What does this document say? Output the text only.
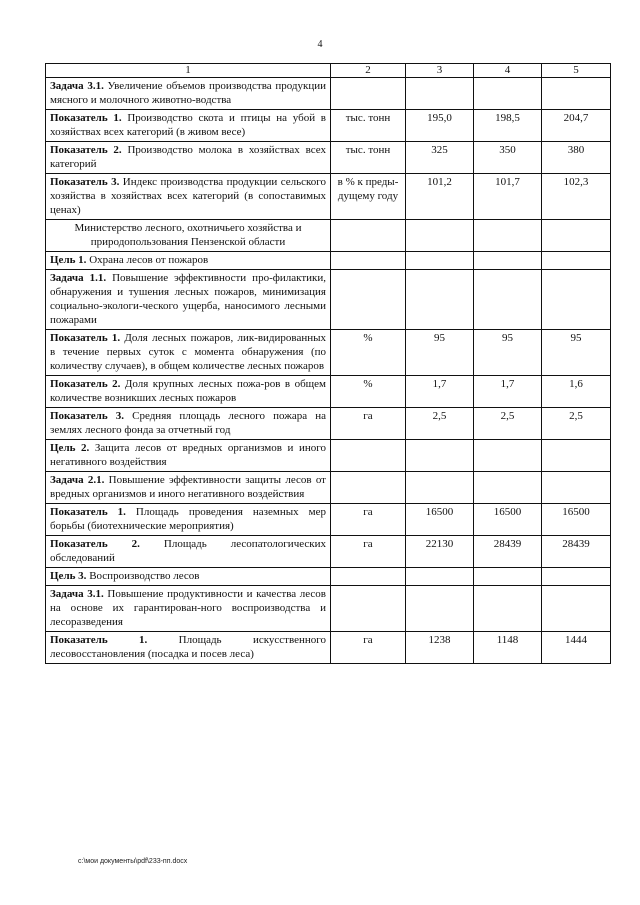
4
1	2	3	4	5
Задача 3.1. Увеличение объемов производства продукции мясного и молочного животно-водства				
Показатель 1. Производство скота и птицы на убой в хозяйствах всех категорий (в живом весе)	тыс. тонн	195,0	198,5	204,7
Показатель 2. Производство молока в хозяйствах всех категорий	тыс. тонн	325	350	380
Показатель 3. Индекс производства продукции сельского хозяйства в хозяйствах всех категорий (в сопоставимых ценах)	в % к преды-дущему году	101,2	101,7	102,3
Министерство лесного, охотничьего хозяйства и природопользования Пензенской области				
Цель 1. Охрана лесов от пожаров				
Задача 1.1. Повышение эффективности про-филактики, обнаружения и тушения лесных пожаров, минимизация социально-экологи-ческого ущерба, наносимого лесными пожарами				
Показатель 1. Доля лесных пожаров, лик-видированных в течение первых суток с момента обнаружения (по количеству случаев), в общем количестве лесных пожаров	%	95	95	95
Показатель 2. Доля крупных лесных пожа-ров в общем количестве возникших лесных пожаров	%	1,7	1,7	1,6
Показатель 3. Средняя площадь лесного пожара на землях лесного фонда за отчетный год	га	2,5	2,5	2,5
Цель 2. Защита лесов от вредных организмов и иного негативного воздействия				
Задача 2.1. Повышение эффективности защиты лесов от вредных организмов и иного негативного воздействия				
Показатель 1. Площадь проведения наземных мер борьбы (биотехнические мероприятия)	га	16500	16500	16500
Показатель 2. Площадь лесопатологических обследований	га	22130	28439	28439
Цель 3. Воспроизводство лесов				
Задача 3.1. Повышение продуктивности и качества лесов на основе их гарантирован-ного воспроизводства и лесоразведения				
Показатель 1. Площадь искусственного лесовосстановления (посадка и посев леса)	га	1238	1148	1444
c:\мои документы\pdf\233-пп.docx
